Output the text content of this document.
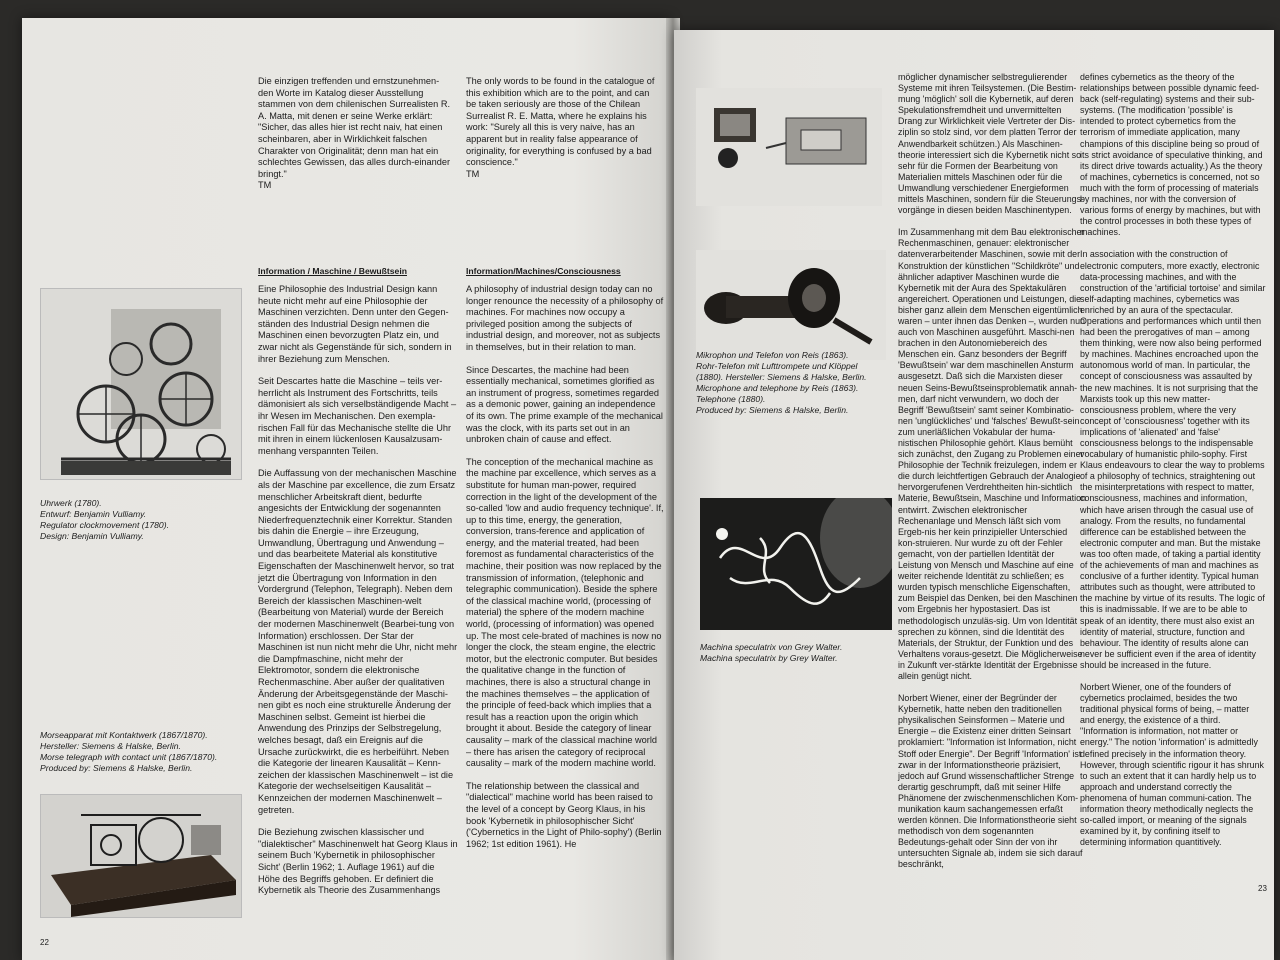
Die einzigen treffenden und ernstzunehmen-den Worte im Katalog dieser Ausstellung stammen von dem chilenischen Surrealisten R. A. Matta, mit denen er seine Werke erklärt: "Sicher, das alles hier ist recht naiv, hat einen scheinbaren, aber in Wirklichkeit falschen Charakter von Originalität; denn man hat ein schlechtes Gewissen, das alles durch-einander bringt."

TM

The only words to be found in the catalogue of this exhibition which are to the point, and can be taken seriously are those of the Chilean Surrealist R. E. Matta, where he explains his work: "Surely all this is very naive, has an apparent but in reality false appearance of originality, for everything is confused by a bad conscience."

TM

Information / Maschine / Bewußtsein	Information/Machines/Consciousness
Uhrwerk (1780).
Entwurf: Benjamin Vulliamy.
Regulator clockmovement (1780).
Design: Benjamin Vulliamy.
Morseapparat mit Kontaktwerk (1867/1870).
Hersteller: Siemens & Halske, Berlin.
Morse telegraph with contact unit (1867/1870).
Produced by: Siemens & Halske, Berlin.

Eine Philosophie des Industrial Design kann heute nicht mehr auf eine Philosophie der Maschinen verzichten. Denn unter den Gegen-ständen des Industrial Design nehmen die Maschinen einen bevorzugten Platz ein, und zwar nicht als Gegenstände für sich, sondern in ihrer Beziehung zum Menschen.

Seit Descartes hatte die Maschine – teils ver-herrlicht als Instrument des Fortschritts, teils dämonisiert als sich verselbständigende Macht – ihr Wesen im Mechanischen. Den exempla-rischen Fall für das Mechanische stellte die Uhr mit ihren in einem lückenlosen Kausalzusam-menhang verspannten Teilen.

Die Auffassung von der mechanischen Maschine als der Maschine par excellence, die zum Ersatz menschlicher Arbeitskraft dient, bedurfte angesichts der Entwicklung der sogenannten Niederfrequenztechnik einer Korrektur. Standen bis dahin die Energie – ihre Erzeugung, Umwandlung, Übertragung und Anwendung – und das bearbeitete Material als konstitutive Eigenschaften der Maschinenwelt hervor, so trat jetzt die Übertragung von Information in den Vordergrund (Telephon, Telegraph). Neben dem Bereich der klassischen Maschinen-welt (Bearbeitung von Material) wurde der Bereich der modernen Maschinenwelt (Bearbei-tung von Information) erschlossen. Der Star der Maschinen ist nun nicht mehr die Uhr, nicht mehr die Dampfmaschine, nicht mehr der Elektromotor, sondern die elektronische Rechenmaschine. Aber außer der qualitativen Änderung der Arbeitsgegenstände der Maschi-nen gibt es noch eine strukturelle Änderung der Maschinen selbst. Gemeint ist hierbei die Anwendung des Prinzips der Selbstregelung, welches besagt, daß ein Ereignis auf die Ursache zurückwirkt, die es herbeiführt. Neben die Kategorie der linearen Kausalität – Kenn-zeichen der klassischen Maschinenwelt – ist die Kategorie der wechselseitigen Kausalität – Kennzeichen der modernen Maschinenwelt – getreten.

Die Beziehung zwischen klassischer und "dialektischer" Maschinenwelt hat Georg Klaus in seinem Buch 'Kybernetik in philosophischer Sicht' (Berlin 1962; 1. Auflage 1961) auf die Höhe des Begriffs gehoben. Er definiert die Kybernetik als Theorie des Zusammenhangs

A philosophy of industrial design today can no longer renounce the necessity of a philosophy of machines. For machines now occupy a privileged position among the subjects of industrial design, and moreover, not as subjects in themselves, but in their relation to man.

Since Descartes, the machine had been essentially mechanical, sometimes glorified as an instrument of progress, sometimes regarded as a demonic power, gaining an independence of its own. The prime example of the mechanical was the clock, with its parts set out in an unbroken chain of cause and effect.

The conception of the mechanical machine as the machine par excellence, which serves as a substitute for human man-power, required correction in the light of the development of the so-called 'low and audio frequency technique'. If, up to this time, energy, the generation, conversion, trans-ference and application of energy, and the material treated, had been foremost as fundamental characteristics of the machine, their position was now replaced by the transmission of information, (telephonic and telegraphic communication). Beside the sphere of the classical machine world, (processing of material) the sphere of the modern machine world, (processing of information) was opened up. The most cele-brated of machines is now no longer the clock, the steam engine, the electric motor, but the electronic computer. But besides the qualitative change in the function of machines, there is also a structural change in the machines themselves – the application of the principle of feed-back which implies that a result has a reaction upon the origin which brought it about. Beside the category of linear causality – mark of the classical machine world – there has arisen the category of reciprocal causality – mark of the modern machine world.

The relationship between the classical and "dialectical" machine world has been raised to the level of a concept by Georg Klaus, in his book 'Kybernetik in philosophischer Sicht' ('Cybernetics in the Light of Philo-sophy') (Berlin 1962; 1st edition 1961). He

22
Mikrophon und Telefon von Reis (1863).
Rohr-Telefon mit Lufttrompete und Klöppel
(1880). Hersteller: Siemens & Halske, Berlin.
Microphone and telephone by Reis (1863).
Telephone (1880).
Produced by: Siemens & Halske, Berlin.
Machina speculatrix von Grey Walter.
Machina speculatrix by Grey Walter.

möglicher dynamischer selbstregulierender Systeme mit ihren Teilsystemen. (Die Bestim-mung 'möglich' soll die Kybernetik, auf deren Spekulationsfremdheit und unvermittelten Drang zur Wirklichkeit viele Vertreter der Dis-ziplin so stolz sind, vor dem platten Terror der Anwendbarkeit schützen.) Als Maschinen-theorie interessiert sich die Kybernetik nicht so sehr für die Formen der Bearbeitung von Materialien mittels Maschinen oder für die Umwandlung verschiedener Energieformen mittels Maschinen, sondern für die Steuerungs-vorgänge in diesen beiden Maschinentypen.

Im Zusammenhang mit dem Bau elektronischer Rechenmaschinen, genauer: elektronischer datenverarbeitender Maschinen, sowie mit der Konstruktion der künstlichen "Schildkröte" und ähnlicher adaptiver Maschinen wurde die Kybernetik mit der Aura des Spektakulären angereichert. Operationen und Leistungen, die bisher ganz allein dem Menschen eigentümlich waren – unter ihnen das Denken –, wurden nun auch von Maschinen ausgeführt. Maschi-nen brachen in den Autonomiebereich des Menschen ein. Ganz besonders der Begriff 'Bewußtsein' war dem maschinellen Ansturm ausgesetzt. Daß sich die Marxisten dieser neuen Seins-Bewußtseinsproblematik annah-men, darf nicht verwundern, wo doch der Begriff 'Bewußtsein' samt seiner Kombinatio-nen 'unglückliches' und 'falsches' Bewußt-sein zum unerläßlichen Vokabular der huma-nistischen Philosophie gehört. Klaus bemüht sich zunächst, den Zugang zu Problemen einer Philosophie der Technik freizulegen, indem er die durch leichtfertigen Gebrauch der Analogie hervorgerufenen Verdrehtheiten hin-sichtlich Materie, Bewußtsein, Maschine und Information entwirrt. Zwischen elektronischer Rechenanlage und Mensch läßt sich vom Ergeb-nis her kein prinzipieller Unterschied kon-struieren. Nur wurde zu oft der Fehler gemacht, von der partiellen Identität der Leistung von Mensch und Maschine auf eine weiter reichende Identität zu schließen; es wurden typisch menschliche Eigenschaften, zum Beispiel das Denken, bei den Maschinen vom Ergebnis her hypostasiert. Das ist methodologisch unzuläs-sig. Um von Identität sprechen zu können, sind die Identität des Materials, der Struktur, der Funktion und des Verhaltens voraus-gesetzt. Die Möglicherweise in Zukunft ver-stärkte Identität der Ergebnisse allein genügt nicht.

Norbert Wiener, einer der Begründer der Kybernetik, hatte neben den traditionellen physikalischen Seinsformen – Materie und Energie – die Existenz einer dritten Seinsart proklamiert: "Information ist Information, nicht Stoff oder Energie". Der Begriff 'Information' ist zwar in der Informationstheorie präzisiert, jedoch auf Grund wissenschaftlicher Strenge derartig geschrumpft, daß mit seiner Hilfe Phänomene der zwischenmenschlichen Kom-munikation kaum sachangemessen erfaßt werden können. Die Informationstheorie sieht methodisch von dem sogenannten Bedeutungs-gehalt oder Sinn der von ihr untersuchten Signale ab, indem sie sich darauf beschränkt,

defines cybernetics as the theory of the relationships between possible dynamic feed-back (self-regulating) systems and their sub-systems. (The modification 'possible' is intended to protect cybernetics from the terrorism of immediate application, many champions of this discipline being so proud of its strict avoidance of speculative thinking, and its direct drive towards actuality.) As the theory of machines, cybernetics is concerned, not so much with the form of processing of materials by machines, nor with the conversion of various forms of energy by machines, but with the control processes in both these types of machines.

In association with the construction of electronic computers, more exactly, electronic data-processing machines, and with the construction of the 'artificial tortoise' and similar self-adapting machines, cybernetics was enriched by an aura of the spectacular. Operations and performances which until then had been the prerogatives of man – among them thinking, were now also being performed by machines. Machines encroached upon the autonomous world of man. In particular, the concept of consciousness was assaulted by the new machines. It is not surprising that the Marxists took up this new matter-consciousness problem, where the very concept of 'consciousness' together with its implications of 'alienated' and 'false' consciousness belongs to the indispensable vocabulary of humanistic philo-sophy. First Klaus endeavours to clear the way to problems of a philosophy of technics, straightening out the misinterpretations with respect to matter, consciousness, machines and information, which have arisen through the casual use of analogy. From the results, no fundamental difference can be established between the electronic computer and man. But the mistake was too often made, of taking a partial identity of the achievements of man and machines as conclusive of a further identity. Typical human attributes such as thought, were attributed to the machine by virtue of its results. The logic of this is inadmissable. If we are to be able to speak of an identity, there must also exist an identity of material, structure, function and behaviour. The identity of results alone can never be sufficient even if the area of identity should be increased in the future.

Norbert Wiener, one of the founders of cybernetics proclaimed, besides the two traditional physical forms of being, – matter and energy, the existence of a third. "Information is information, not matter or energy." The notion 'information' is admittedly defined precisely in the information theory. However, through scientific rigour it has shrunk to such an extent that it can hardly help us to approach and understand correctly the phenomena of human communi-cation. The information theory methodically neglects the so-called import, or meaning of the signals examined by it, by confining itself to determining information quantitively.

23
